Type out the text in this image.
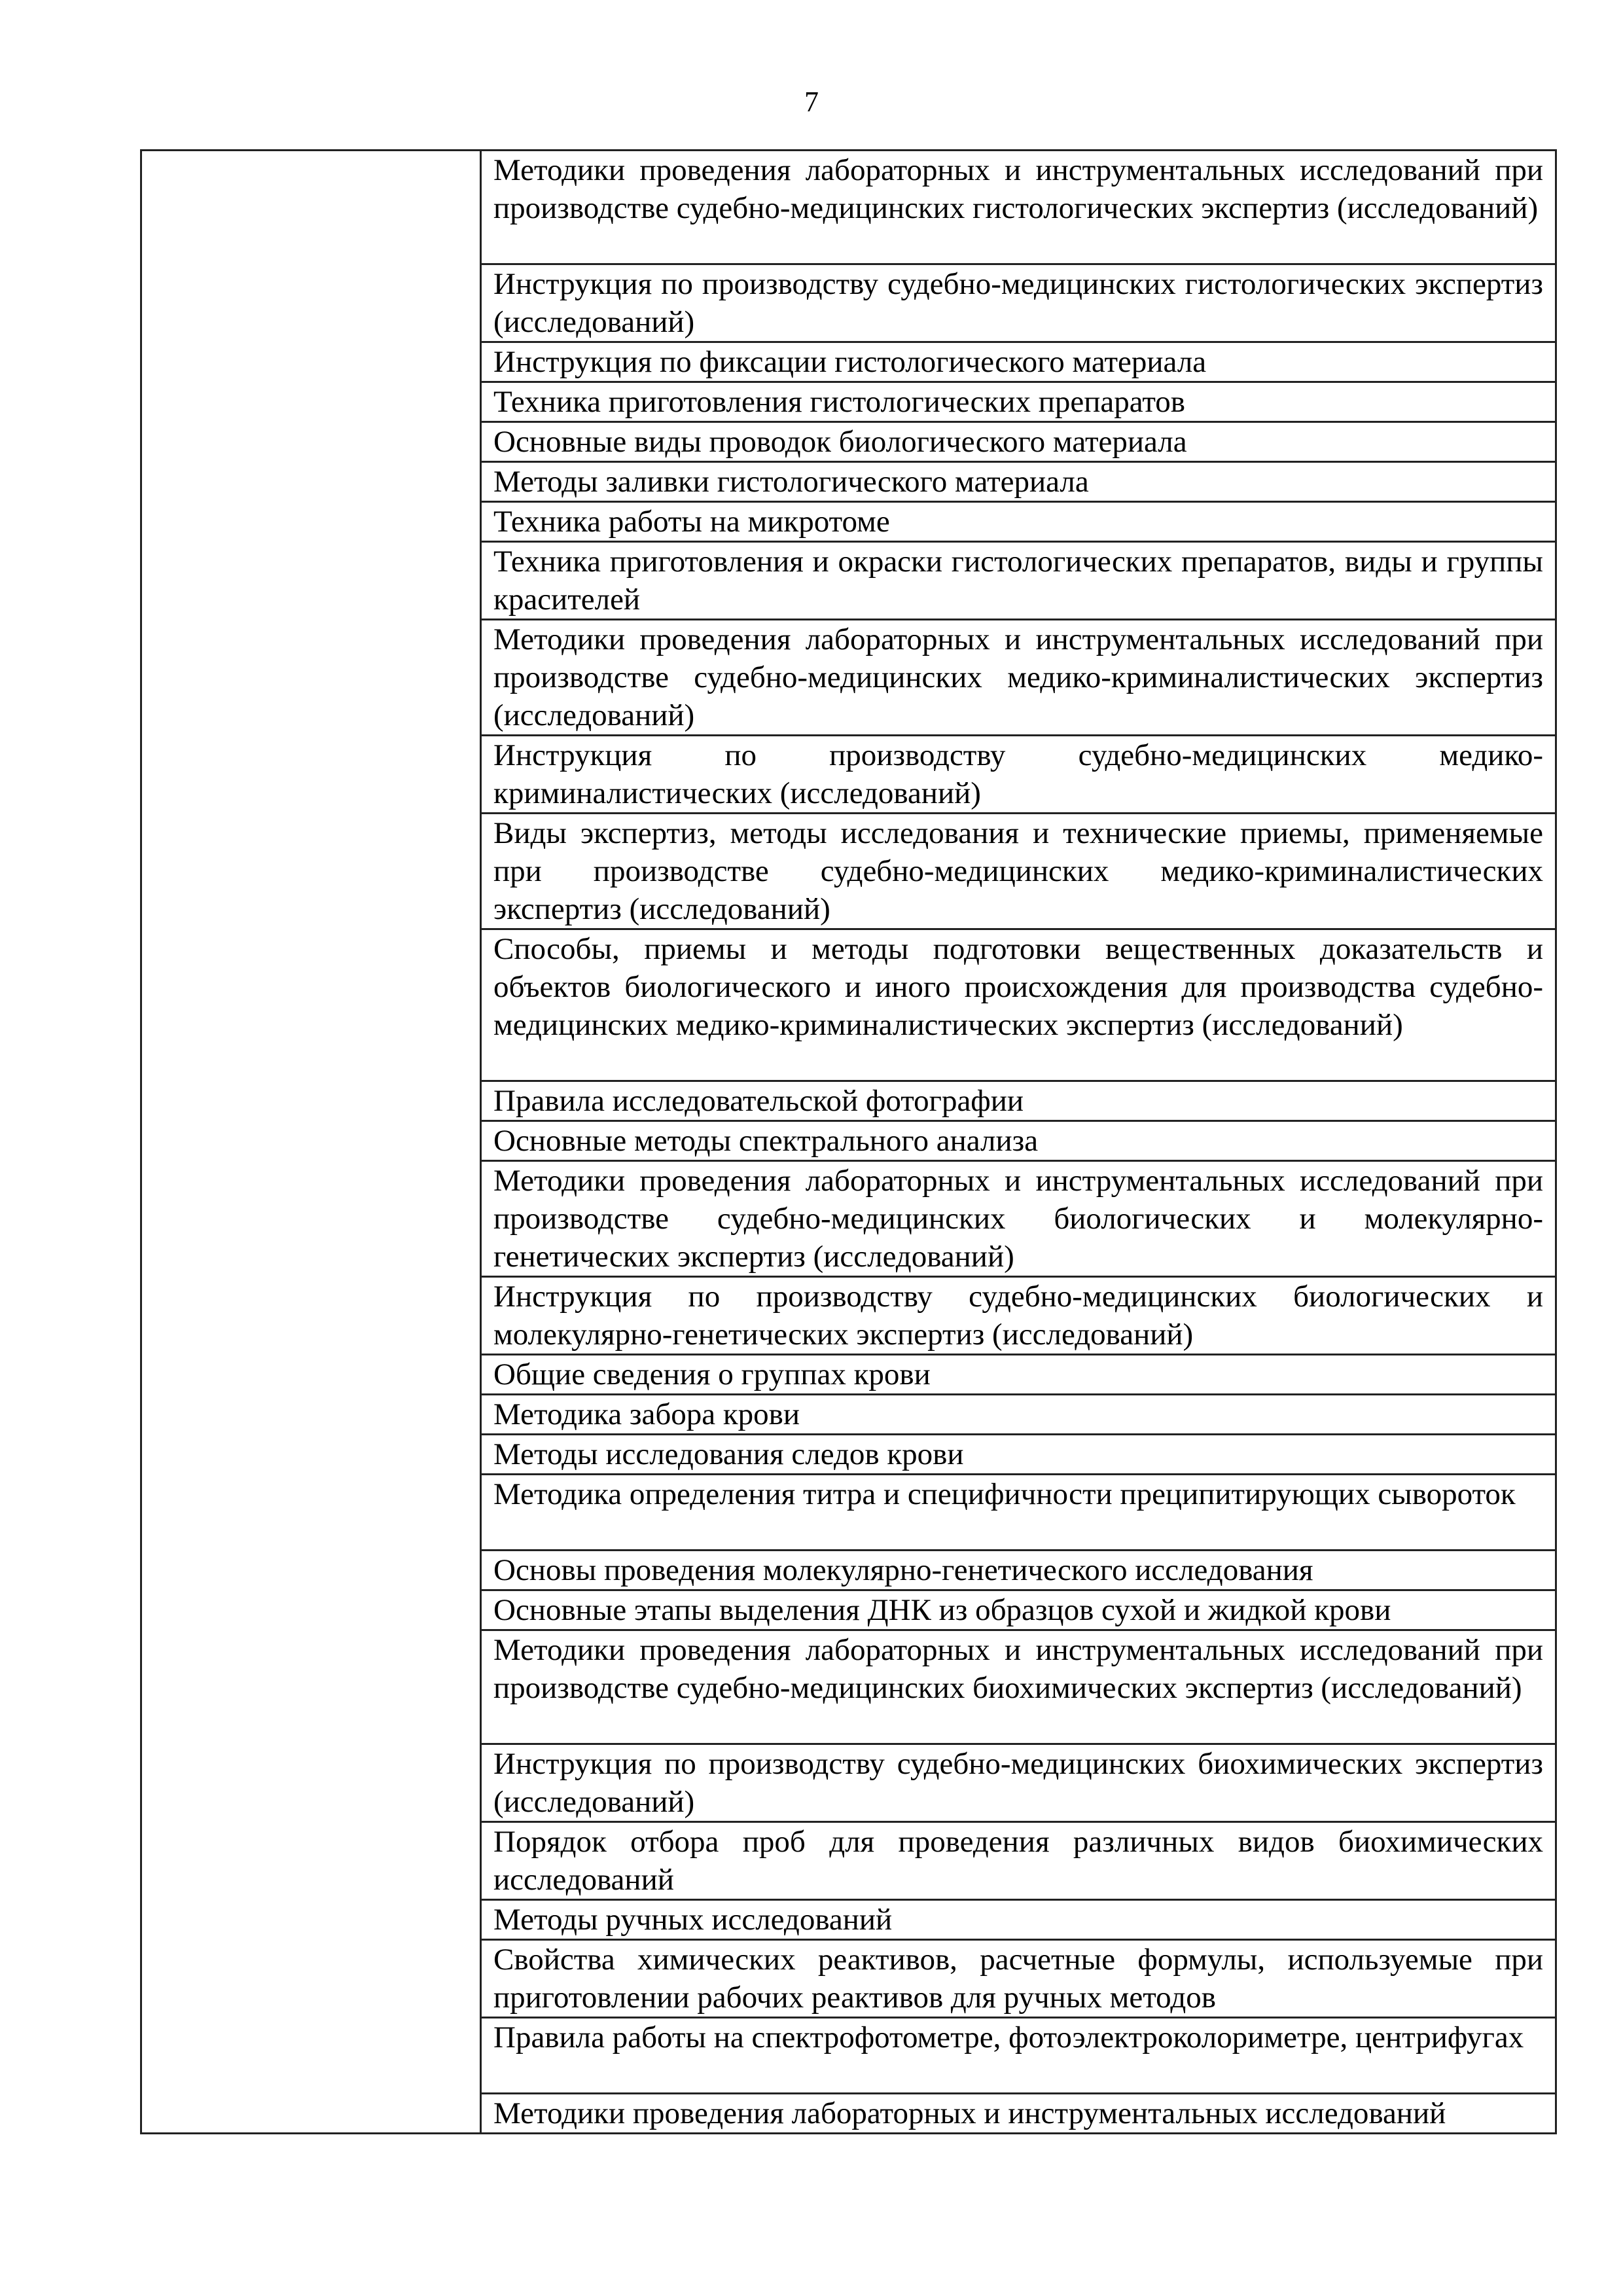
7
	Методики проведения лабораторных и инструментальных исследований при производстве судебно-медицинских гистологических экспертиз (исследований)
Инструкция по производству судебно-медицинских гистологических экспертиз (исследований)
Инструкция по фиксации гистологического материала
Техника приготовления гистологических препаратов
Основные виды проводок биологического материала
Методы заливки гистологического материала
Техника работы на микротоме
Техника приготовления и окраски гистологических препаратов, виды и группы красителей
Методики проведения лабораторных и инструментальных исследований при производстве судебно-медицинских медико-криминалистических экспертиз (исследований)
Инструкция по производству судебно-медицинских медико-криминалистических (исследований)
Виды экспертиз, методы исследования и технические приемы, применяемые при производстве судебно-медицинских медико-криминалистических экспертиз (исследований)
Способы, приемы и методы подготовки вещественных доказательств и объектов биологического и иного происхождения для производства судебно-медицинских медико-криминалистических экспертиз (исследований)
Правила исследовательской фотографии
Основные методы спектрального анализа
Методики проведения лабораторных и инструментальных исследований при производстве судебно-медицинских биологических и молекулярно-генетических экспертиз (исследований)
Инструкция по производству судебно-медицинских биологических и молекулярно-генетических экспертиз (исследований)
Общие сведения о группах крови
Методика забора крови
Методы исследования следов крови
Методика определения титра и специфичности преципитирующих сывороток
Основы проведения молекулярно-генетического исследования
Основные этапы выделения ДНК из образцов сухой и жидкой крови
Методики проведения лабораторных и инструментальных исследований при производстве судебно-медицинских биохимических экспертиз (исследований)
Инструкция по производству судебно-медицинских биохимических экспертиз (исследований)
Порядок отбора проб для проведения различных видов биохимических исследований
Методы ручных исследований
Свойства химических реактивов, расчетные формулы, используемые при приготовлении рабочих реактивов для ручных методов
Правила работы на спектрофотометре, фотоэлектроколориметре, центрифугах
Методики проведения лабораторных и инструментальных исследований
